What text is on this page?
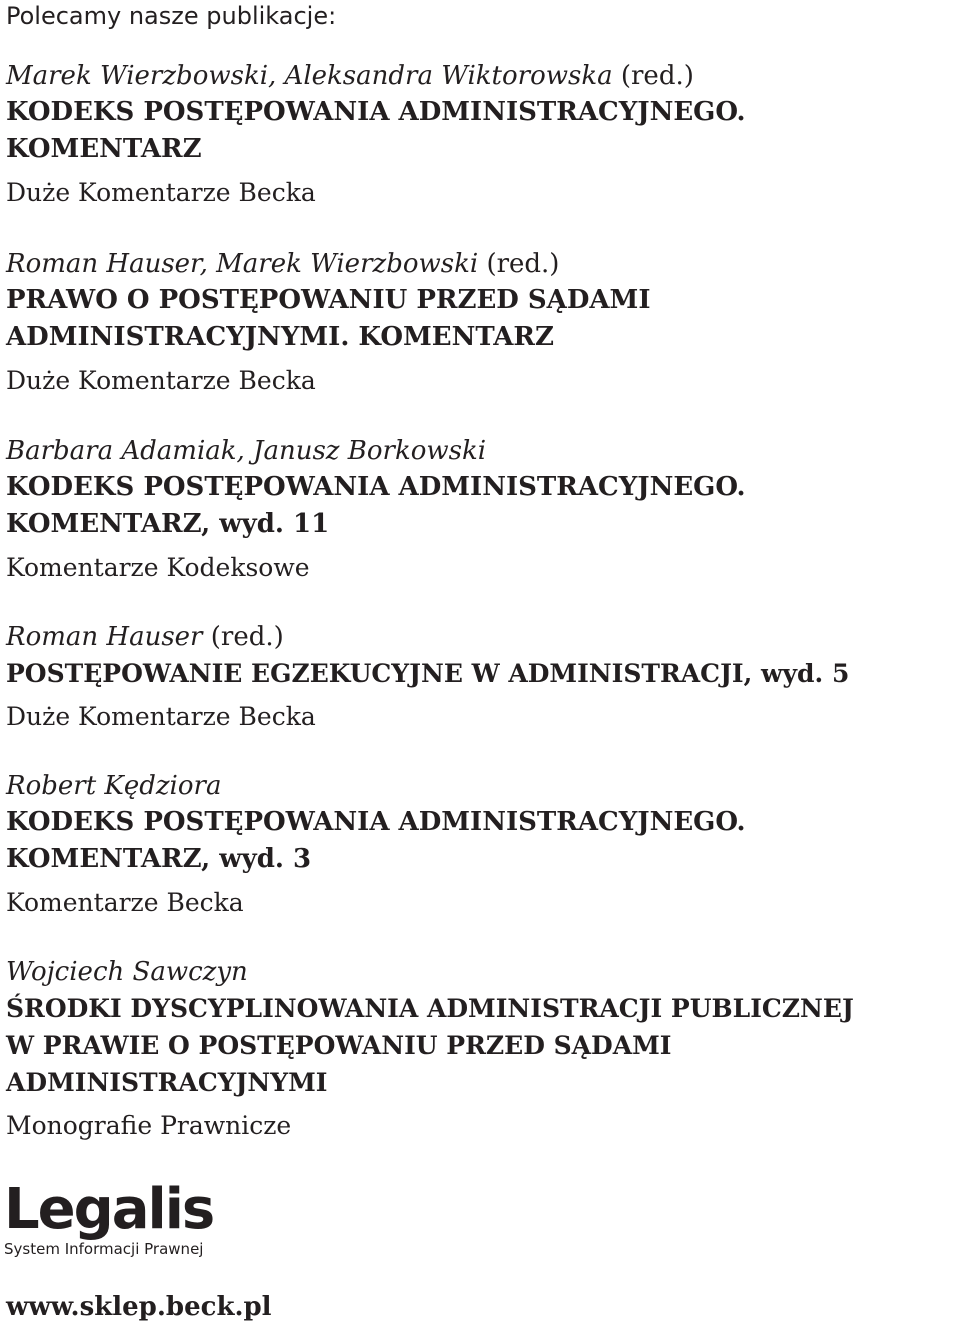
Polecamy nasze publikacje:
Marek Wierzbowski, Aleksandra Wiktorowska (red.)
KODEKS POSTĘPOWANIA ADMINISTRACYJNEGO.
KOMENTARZ
Duże Komentarze Becka
Roman Hauser, Marek Wierzbowski (red.)
PRAWO O POSTĘPOWANIU PRZED SĄDAMI
ADMINISTRACYJNYMI. KOMENTARZ
Duże Komentarze Becka
Barbara Adamiak, Janusz Borkowski
KODEKS POSTĘPOWANIA ADMINISTRACYJNEGO.
KOMENTARZ, wyd. 11
Komentarze Kodeksowe
Roman Hauser (red.)
POSTĘPOWANIE EGZEKUCYJNE W ADMINISTRACJI, wyd. 5
Duże Komentarze Becka
Robert Kędziora
KODEKS POSTĘPOWANIA ADMINISTRACYJNEGO.
KOMENTARZ, wyd. 3
Komentarze Becka
Wojciech Sawczyn
ŚRODKI DYSCYPLINOWANIA ADMINISTRACJI PUBLICZNEJ
W PRAWIE O POSTĘPOWANIU PRZED SĄDAMI
ADMINISTRACYJNYMI
Monografie Prawnicze
Legalis
System Informacji Prawnej
www.sklep.beck.pl
